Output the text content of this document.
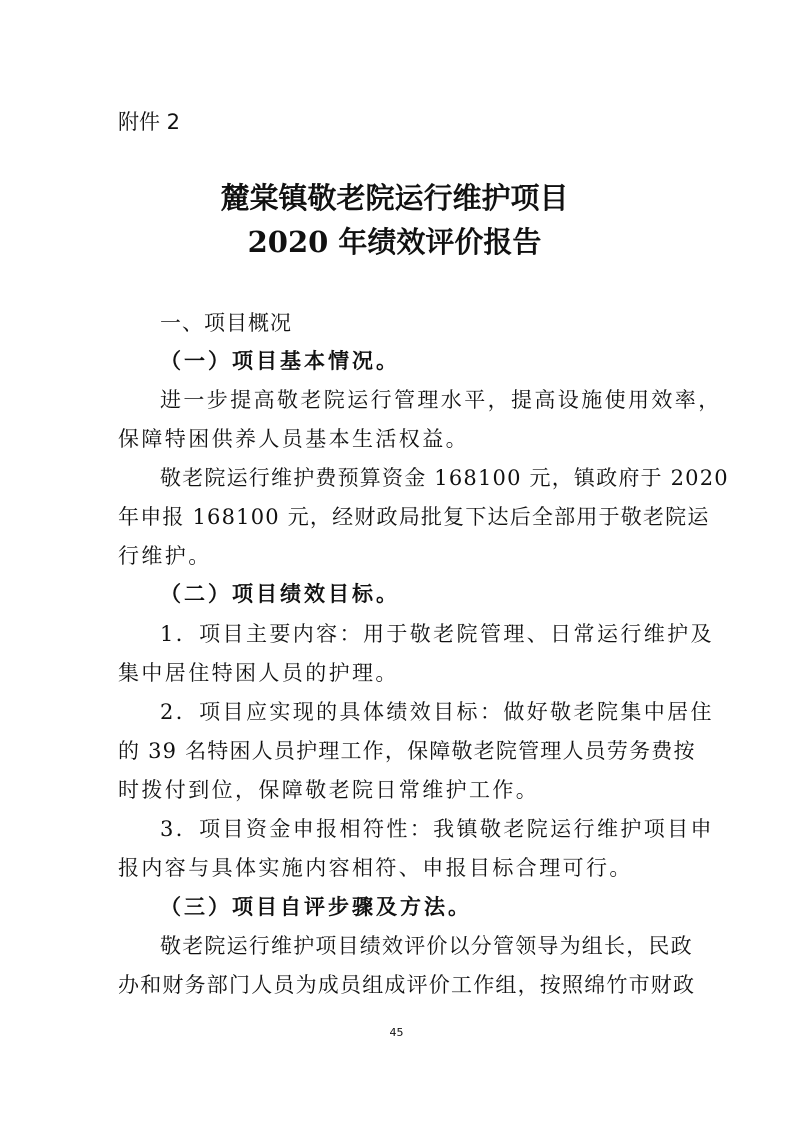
附件 2
麓棠镇敬老院运行维护项目
2020 年绩效评价报告
一、项目概况
（一）项目基本情况。
进一步提高敬老院运行管理水平，提高设施使用效率，
保障特困供养人员基本生活权益。
敬老院运行维护费预算资金 168100 元，镇政府于 2020
年申报 168100 元，经财政局批复下达后全部用于敬老院运
行维护。
（二）项目绩效目标。
1．项目主要内容：用于敬老院管理、日常运行维护及
集中居住特困人员的护理。
2．项目应实现的具体绩效目标：做好敬老院集中居住
的 39 名特困人员护理工作，保障敬老院管理人员劳务费按
时拨付到位，保障敬老院日常维护工作。
3．项目资金申报相符性：我镇敬老院运行维护项目申
报内容与具体实施内容相符、申报目标合理可行。
（三）项目自评步骤及方法。
敬老院运行维护项目绩效评价以分管领导为组长，民政
办和财务部门人员为成员组成评价工作组，按照绵竹市财政
45
